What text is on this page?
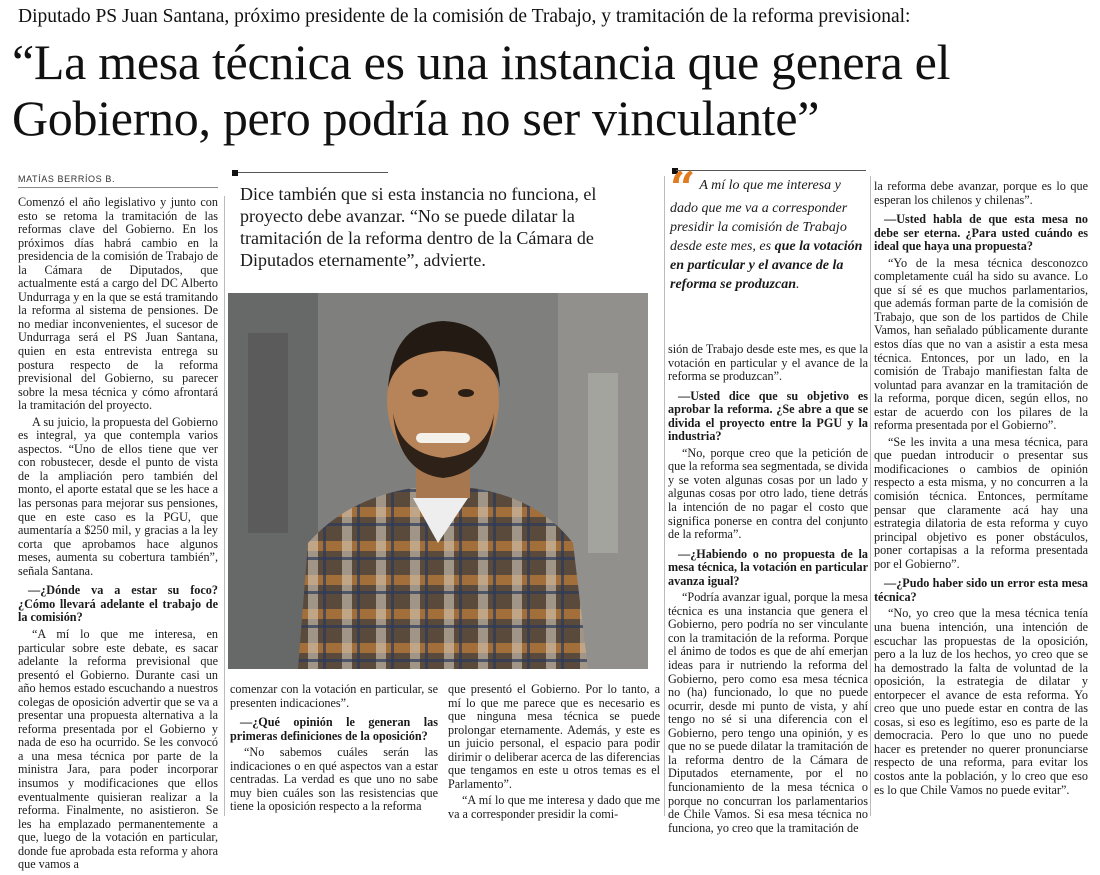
Diputado PS Juan Santana, próximo presidente de la comisión de Trabajo, y tramitación de la reforma previsional:
“La mesa técnica es una instancia que genera el Gobierno, pero podría no ser vinculante”
MATÍAS BERRÍOS B.
Dice también que si esta instancia no funciona, el proyecto debe avanzar. “No se puede dilatar la tramitación de la reforma dentro de la Cámara de Diputados eternamente”, advierte.
“ A mí lo que me interesa y dado que me va a corresponder presidir la comisión de Trabajo desde este mes, es que la votación en particular y el avance de la reforma se produzcan.

Comenzó el año legislativo y junto con esto se retoma la tramitación de las reformas clave del Gobierno. En los próximos días habrá cambio en la presidencia de la comisión de Trabajo de la Cámara de Diputados, que actualmente está a cargo del DC Alberto Undurraga y en la que se está tramitando la reforma al sistema de pensiones. De no mediar inconvenientes, el sucesor de Undurraga será el PS Juan Santana, quien en esta entrevista entrega su postura respecto de la reforma previsional del Gobierno, su parecer sobre la mesa técnica y cómo afrontará la tramitación del proyecto.

A su juicio, la propuesta del Gobierno es integral, ya que contempla varios aspectos. “Uno de ellos tiene que ver con robustecer, desde el punto de vista de la ampliación pero también del monto, el aporte estatal que se les hace a las personas para mejorar sus pensiones, que en este caso es la PGU, que aumentaría a $250 mil, y gracias a la ley corta que aprobamos hace algunos meses, aumenta su cobertura también”, señala Santana.

—¿Dónde va a estar su foco? ¿Cómo llevará adelante el trabajo de la comisión?

“A mí lo que me interesa, en particular sobre este debate, es sacar adelante la reforma previsional que presentó el Gobierno. Durante casi un año hemos estado escuchando a nuestros colegas de oposición advertir que se va a presentar una propuesta alternativa a la reforma presentada por el Gobierno y nada de eso ha ocurrido. Se les convocó a una mesa técnica por parte de la ministra Jara, para poder incorporar insumos y modificaciones que ellos eventualmente quisieran realizar a la reforma. Finalmente, no asistieron. Se les ha emplazado permanentemente a que, luego de la votación en particular, donde fue aprobada esta reforma y ahora que vamos a

comenzar con la votación en particular, se presenten indicaciones”.

—¿Qué opinión le generan las primeras definiciones de la oposición?

“No sabemos cuáles serán las indicaciones o en qué aspectos van a estar centradas. La verdad es que uno no sabe muy bien cuáles son las resistencias que tiene la oposición respecto a la reforma

que presentó el Gobierno. Por lo tanto, a mí lo que me parece que es necesario es que ninguna mesa técnica se puede prolongar eternamente. Además, y este es un juicio personal, el espacio para podir dirimir o deliberar acerca de las diferencias que tengamos en este u otros temas es el Parlamento”.

“A mí lo que me interesa y dado que me va a corresponder presidir la comi-

sión de Trabajo desde este mes, es que la votación en particular y el avance de la reforma se produzcan”.

—Usted dice que su objetivo es aprobar la reforma. ¿Se abre a que se divida el proyecto entre la PGU y la industria?

“No, porque creo que la petición de que la reforma sea segmentada, se divida y se voten algunas cosas por un lado y algunas cosas por otro lado, tiene detrás la intención de no pagar el costo que significa ponerse en contra del conjunto de la reforma”.

—¿Habiendo o no propuesta de la mesa técnica, la votación en particular avanza igual?

“Podría avanzar igual, porque la mesa técnica es una instancia que genera el Gobierno, pero podría no ser vinculante con la tramitación de la reforma. Porque el ánimo de todos es que de ahí emerjan ideas para ir nutriendo la reforma del Gobierno, pero como esa mesa técnica no (ha) funcionado, lo que no puede ocurrir, desde mi punto de vista, y ahí tengo no sé si una diferencia con el Gobierno, pero tengo una opinión, y es que no se puede dilatar la tramitación de la reforma dentro de la Cámara de Diputados eternamente, por el no funcionamiento de la mesa técnica o porque no concurran los parlamentarios de Chile Vamos. Si esa mesa técnica no funciona, yo creo que la tramitación de

la reforma debe avanzar, porque es lo que esperan los chilenos y chilenas”.

—Usted habla de que esta mesa no debe ser eterna. ¿Para usted cuándo es ideal que haya una propuesta?

“Yo de la mesa técnica desconozco completamente cuál ha sido su avance. Lo que sí sé es que muchos parlamentarios, que además forman parte de la comisión de Trabajo, que son de los partidos de Chile Vamos, han señalado públicamente durante estos días que no van a asistir a esta mesa técnica. Entonces, por un lado, en la comisión de Trabajo manifiestan falta de voluntad para avanzar en la tramitación de la reforma, porque dicen, según ellos, no estar de acuerdo con los pilares de la reforma presentada por el Gobierno”.

“Se les invita a una mesa técnica, para que puedan introducir o presentar sus modificaciones o cambios de opinión respecto a esta misma, y no concurren a la comisión técnica. Entonces, permítame pensar que claramente acá hay una estrategia dilatoria de esta reforma y cuyo principal objetivo es poner obstáculos, poner cortapisas a la reforma presentada por el Gobierno”.

—¿Pudo haber sido un error esta mesa técnica?

“No, yo creo que la mesa técnica tenía una buena intención, una intención de escuchar las propuestas de la oposición, pero a la luz de los hechos, yo creo que se ha demostrado la falta de voluntad de la oposición, la estrategia de dilatar y entorpecer el avance de esta reforma. Yo creo que uno puede estar en contra de las cosas, si eso es legítimo, eso es parte de la democracia. Pero lo que uno no puede hacer es pretender no querer pronunciarse respecto de una reforma, para evitar los costos ante la población, y lo creo que eso es lo que Chile Vamos no puede evitar”.
